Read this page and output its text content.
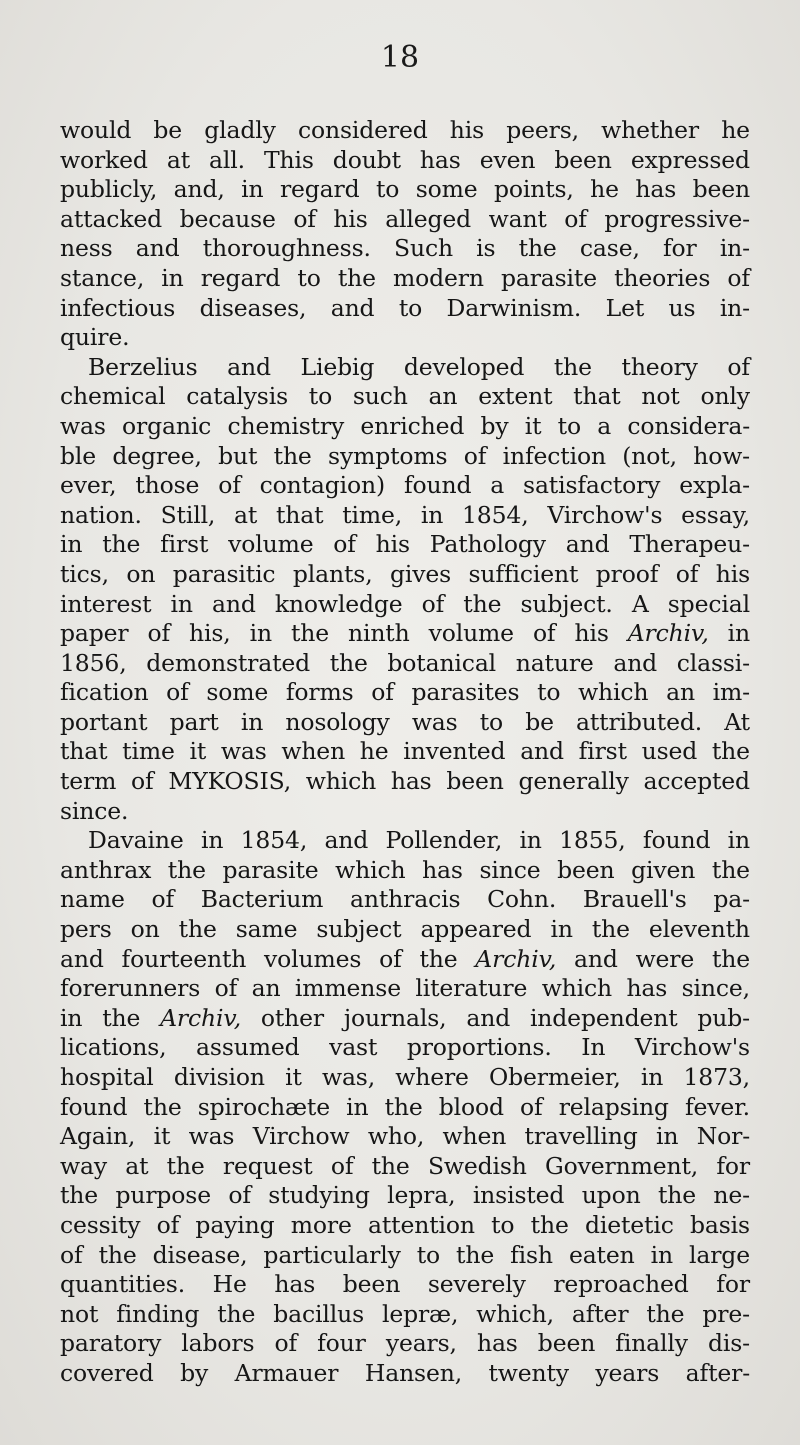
18
would be gladly considered his peers, whether he
worked at all. This doubt has even been expressed
publicly, and, in regard to some points, he has been
attacked because of his alleged want of progressive-
ness and thoroughness. Such is the case, for in-
stance, in regard to the modern parasite theories of
infectious diseases, and to Darwinism. Let us in-
quire.
Berzelius and Liebig developed the theory of
chemical catalysis to such an extent that not only
was organic chemistry enriched by it to a considera-
ble degree, but the symptoms of infection (not, how-
ever, those of contagion) found a satisfactory expla-
nation. Still, at that time, in 1854, Virchow's essay,
in the first volume of his Pathology and Therapeu-
tics, on parasitic plants, gives sufficient proof of his
interest in and knowledge of the subject. A special
paper of his, in the ninth volume of his Archiv, in
1856, demonstrated the botanical nature and classi-
fication of some forms of parasites to which an im-
portant part in nosology was to be attributed. At
that time it was when he invented and first used the
term of MYKOSIS, which has been generally accepted
since.
Davaine in 1854, and Pollender, in 1855, found in
anthrax the parasite which has since been given the
name of Bacterium anthracis Cohn. Brauell's pa-
pers on the same subject appeared in the eleventh
and fourteenth volumes of the Archiv, and were the
forerunners of an immense literature which has since,
in the Archiv, other journals, and independent pub-
lications, assumed vast proportions. In Virchow's
hospital division it was, where Obermeier, in 1873,
found the spirochæte in the blood of relapsing fever.
Again, it was Virchow who, when travelling in Nor-
way at the request of the Swedish Government, for
the purpose of studying lepra, insisted upon the ne-
cessity of paying more attention to the dietetic basis
of the disease, particularly to the fish eaten in large
quantities. He has been severely reproached for
not finding the bacillus lepræ, which, after the pre-
paratory labors of four years, has been finally dis-
covered by Armauer Hansen, twenty years after-
